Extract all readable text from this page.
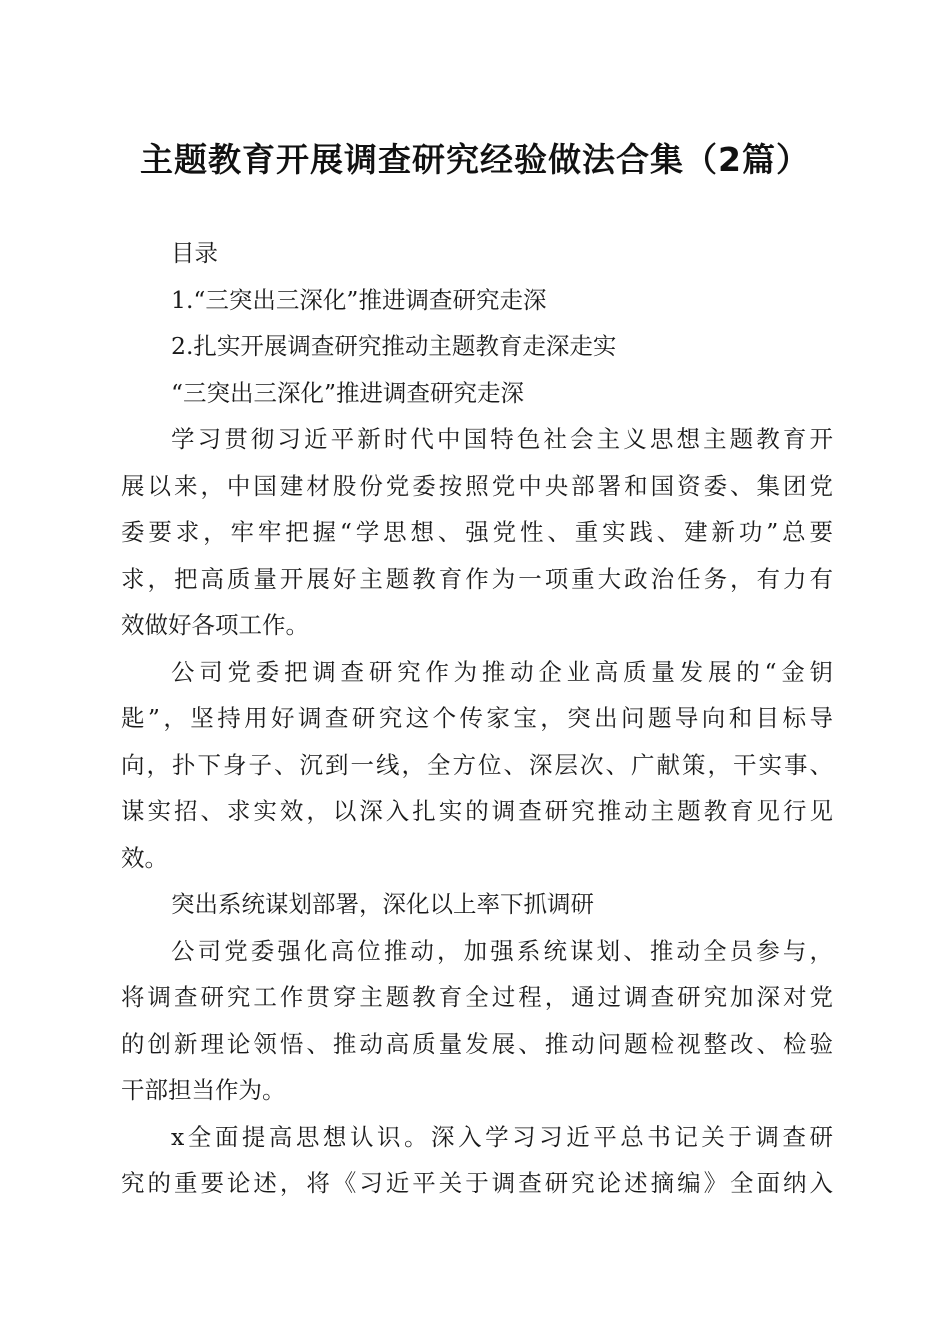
主题教育开展调查研究经验做法合集（2篇）
目录
1.“三突出三深化”推进调查研究走深
2.扎实开展调查研究推动主题教育走深走实
“三突出三深化”推进调查研究走深
学习贯彻习近平新时代中国特色社会主义思想主题教育开
展以来，中国建材股份党委按照党中央部署和国资委、集团党
委要求，牢牢把握“学思想、强党性、重实践、建新功”总要
求，把高质量开展好主题教育作为一项重大政治任务，有力有
效做好各项工作。
公司党委把调查研究作为推动企业高质量发展的“金钥
匙”，坚持用好调查研究这个传家宝，突出问题导向和目标导
向，扑下身子、沉到一线，全方位、深层次、广献策，干实事、
谋实招、求实效，以深入扎实的调查研究推动主题教育见行见
效。
突出系统谋划部署，深化以上率下抓调研
公司党委强化高位推动，加强系统谋划、推动全员参与，
将调查研究工作贯穿主题教育全过程，通过调查研究加深对党
的创新理论领悟、推动高质量发展、推动问题检视整改、检验
干部担当作为。
x全面提高思想认识。深入学习习近平总书记关于调查研
究的重要论述，将《习近平关于调查研究论述摘编》全面纳入
